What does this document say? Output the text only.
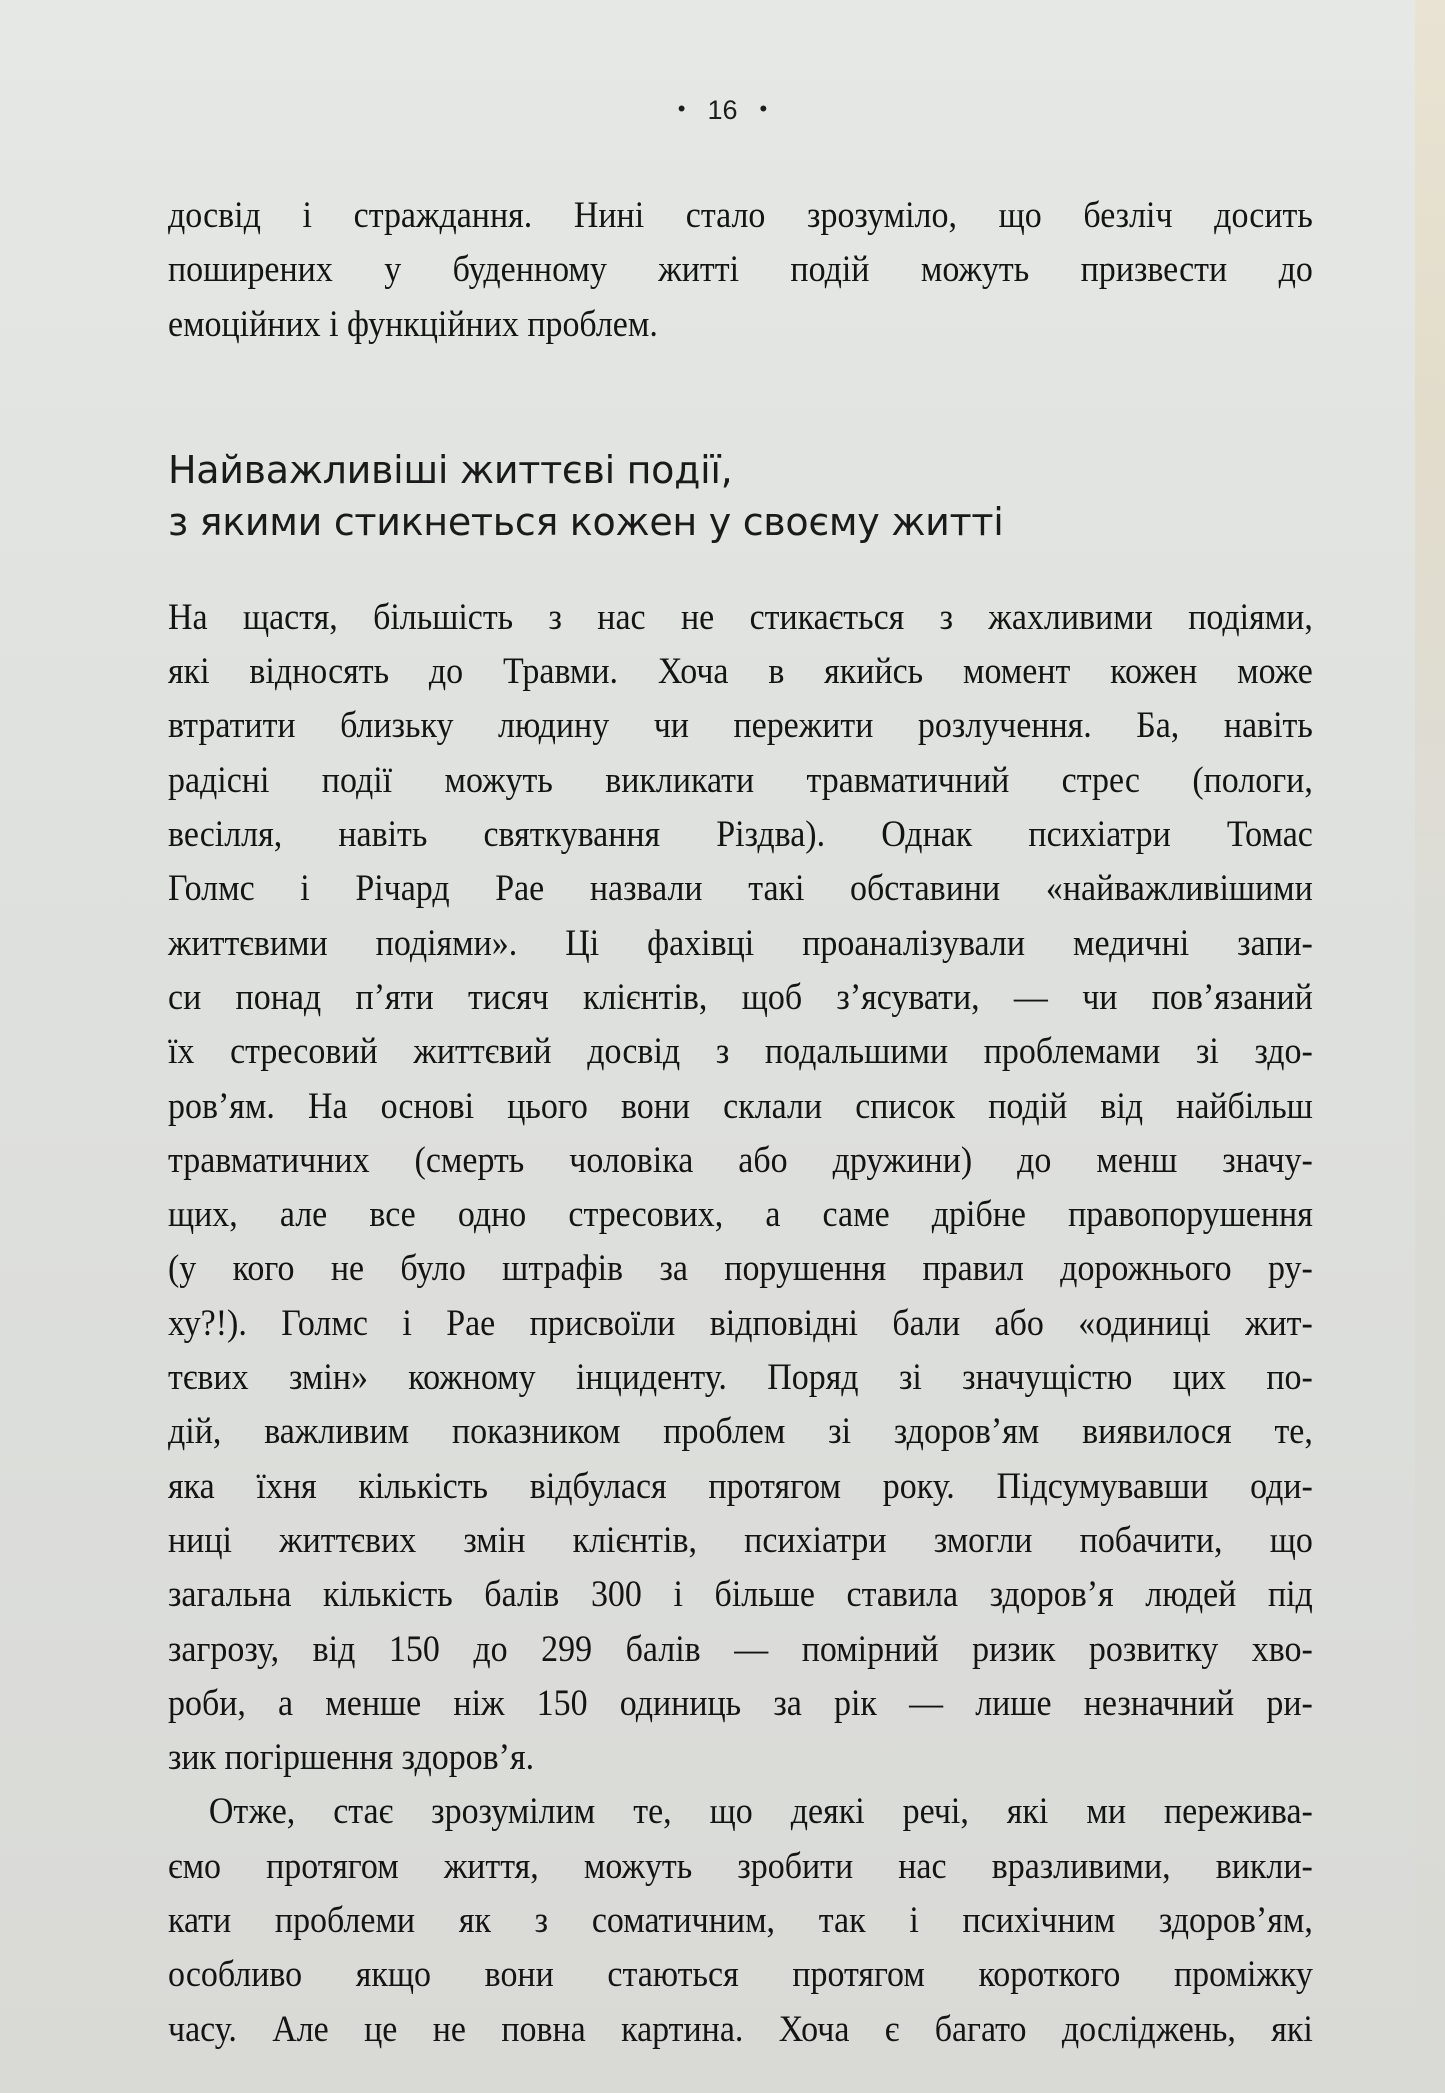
• 16 •

досвід і страждання. Нині стало зрозуміло, що безліч досить
поширених у буденному житті подій можуть призвести до
емоційних і функційних проблем.

Найважливіші життєві події,
з якими стикнеться кожен у своєму житті

На щастя, більшість з нас не стикається з жахливими подіями,
які відносять до Травми. Хоча в якийсь момент кожен може
втратити близьку людину чи пережити розлучення. Ба, навіть
радісні події можуть викликати травматичний стрес (пологи,
весілля, навіть святкування Різдва). Однак психіатри Томас
Голмс і Річард Рае назвали такі обставини «найважливішими
життєвими подіями». Ці фахівці проаналізували медичні запи-
си понад п’яти тисяч клієнтів, щоб з’ясувати, — чи пов’язаний
їх стресовий життєвий досвід з подальшими проблемами зі здо-
ров’ям. На основі цього вони склали список подій від найбільш
травматичних (смерть чоловіка або дружини) до менш значу-
щих, але все одно стресових, а саме дрібне правопорушення
(у кого не було штрафів за порушення правил дорожнього ру-
ху?!). Голмс і Рае присвоїли відповідні бали або «одиниці жит-
тєвих змін» кожному інциденту. Поряд зі значущістю цих по-
дій, важливим показником проблем зі здоров’ям виявилося те,
яка їхня кількість відбулася протягом року. Підсумувавши оди-
ниці життєвих змін клієнтів, психіатри змогли побачити, що
загальна кількість балів 300 і більше ставила здоров’я людей під
загрозу, від 150 до 299 балів — помірний ризик розвитку хво-
роби, а менше ніж 150 одиниць за рік — лише незначний ри-
зик погіршення здоров’я.

Отже, стає зрозумілим те, що деякі речі, які ми пережива-
ємо протягом життя, можуть зробити нас вразливими, викли-
кати проблеми як з соматичним, так і психічним здоров’ям,
особливо якщо вони стаються протягом короткого проміжку
часу. Але це не повна картина. Хоча є багато досліджень, які
